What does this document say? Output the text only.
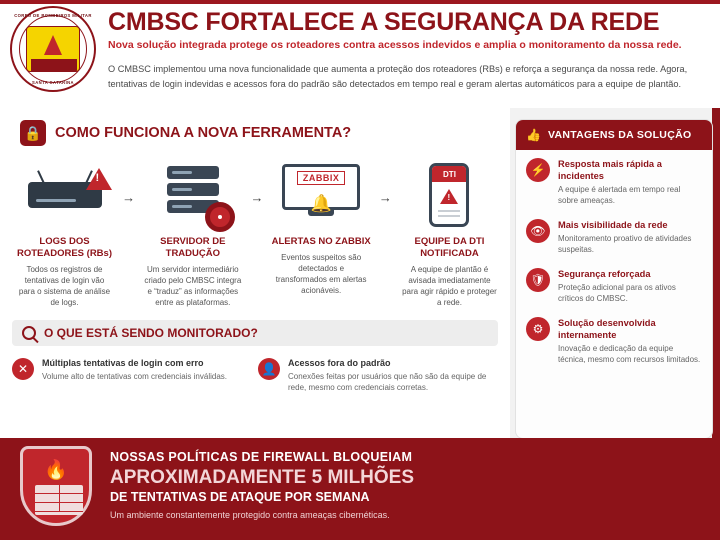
CORPO DE BOMBEIROS MILITAR
SANTA CATARINA
CMBSC FORTALECE A SEGURANÇA DA REDE
Nova solução integrada protege os roteadores contra acessos indevidos e amplia o monitoramento da nossa rede.
O CMBSC implementou uma nova funcionalidade que aumenta a proteção dos roteadores (RBs) e reforça a segurança da nossa rede. Agora, tentativas de login indevidas e acessos fora do padrão são detectados em tempo real e geram alertas automáticos para a equipe de plantão.
🔒 COMO FUNCIONA A NOVA FERRAMENTA?
!
LOGS DOS ROTEADORES (RBs)
Todos os registros de tentativas de login vão para o sistema de análise de logs.
→
SERVIDOR DE TRADUÇÃO
Um servidor intermediário criado pelo CMBSC integra e “traduz” as informações entre as plataformas.
→
ZABBIX
🔔
ALERTAS NO ZABBIX
Eventos suspeitos são detectados e transformados em alertas acionáveis.
→
DTI
!
EQUIPE DA DTI NOTIFICADA
A equipe de plantão é avisada imediatamente para agir rápido e proteger a rede.
O QUE ESTÁ SENDO MONITORADO?
✕	Múltiplas tentativas de login com erro
Volume alto de tentativas com credenciais inválidas.
👤	Acessos fora do padrão
Conexões feitas por usuários que não são da equipe de rede, mesmo com credenciais corretas.
👍 VANTAGENS DA SOLUÇÃO
⚡	Resposta mais rápida a incidentes
A equipe é alertada em tempo real sobre ameaças.
👁	Mais visibilidade da rede
Monitoramento proativo de atividades suspeitas.
🛡	Segurança reforçada
Proteção adicional para os ativos críticos do CMBSC.
⚙	Solução desenvolvida internamente
Inovação e dedicação da equipe técnica, mesmo com recursos limitados.
🔥
NOSSAS POLÍTICAS DE FIREWALL BLOQUEIAM
APROXIMADAMENTE 5 MILHÕES
DE TENTATIVAS DE ATAQUE POR SEMANA
Um ambiente constantemente protegido contra ameaças cibernéticas.
